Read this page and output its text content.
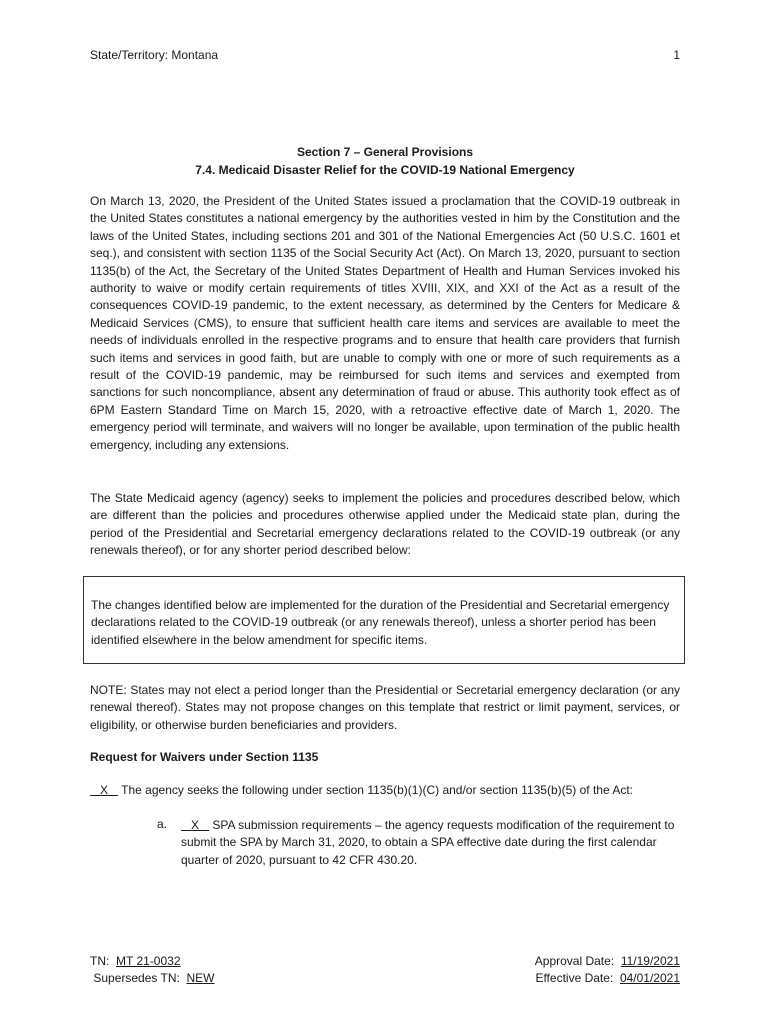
State/Territory: Montana	1
Section 7 – General Provisions
7.4. Medicaid Disaster Relief for the COVID-19 National Emergency
On March 13, 2020, the President of the United States issued a proclamation that the COVID-19 outbreak in the United States constitutes a national emergency by the authorities vested in him by the Constitution and the laws of the United States, including sections 201 and 301 of the National Emergencies Act (50 U.S.C. 1601 et seq.), and consistent with section 1135 of the Social Security Act (Act). On March 13, 2020, pursuant to section 1135(b) of the Act, the Secretary of the United States Department of Health and Human Services invoked his authority to waive or modify certain requirements of titles XVIII, XIX, and XXI of the Act as a result of the consequences COVID-19 pandemic, to the extent necessary, as determined by the Centers for Medicare & Medicaid Services (CMS), to ensure that sufficient health care items and services are available to meet the needs of individuals enrolled in the respective programs and to ensure that health care providers that furnish such items and services in good faith, but are unable to comply with one or more of such requirements as a result of the COVID-19 pandemic, may be reimbursed for such items and services and exempted from sanctions for such noncompliance, absent any determination of fraud or abuse. This authority took effect as of 6PM Eastern Standard Time on March 15, 2020, with a retroactive effective date of March 1, 2020. The emergency period will terminate, and waivers will no longer be available, upon termination of the public health emergency, including any extensions.
The State Medicaid agency (agency) seeks to implement the policies and procedures described below, which are different than the policies and procedures otherwise applied under the Medicaid state plan, during the period of the Presidential and Secretarial emergency declarations related to the COVID-19 outbreak (or any renewals thereof), or for any shorter period described below:
The changes identified below are implemented for the duration of the Presidential and Secretarial emergency declarations related to the COVID-19 outbreak (or any renewals thereof), unless a shorter period has been identified elsewhere in the below amendment for specific items.
NOTE: States may not elect a period longer than the Presidential or Secretarial emergency declaration (or any renewal thereof). States may not propose changes on this template that restrict or limit payment, services, or eligibility, or otherwise burden beneficiaries and providers.
Request for Waivers under Section 1135
X The agency seeks the following under section 1135(b)(1)(C) and/or section 1135(b)(5) of the Act:
a.	X SPA submission requirements – the agency requests modification of the requirement to submit the SPA by March 31, 2020, to obtain a SPA effective date during the first calendar quarter of 2020, pursuant to 42 CFR 430.20.
TN: MT 21-0032
Supersedes TN: NEW
Approval Date: 11/19/2021
Effective Date: 04/01/2021
